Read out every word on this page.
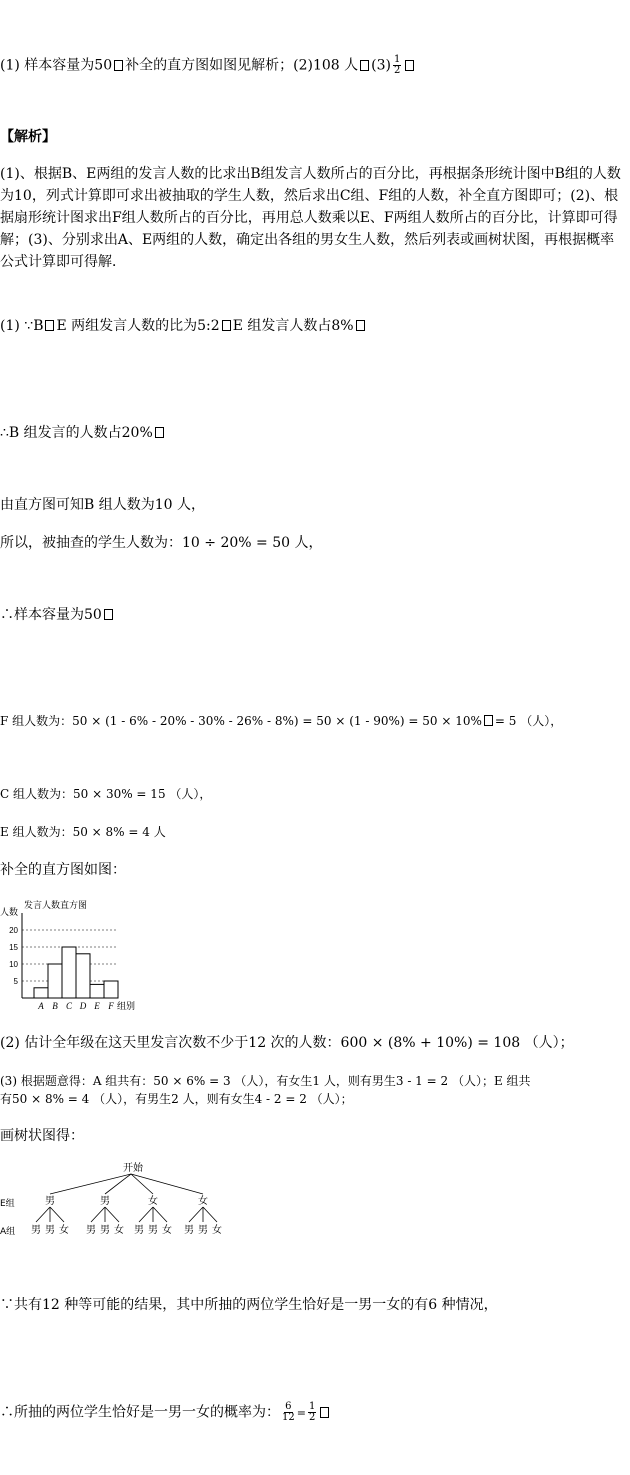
(1) 样本容量为50 补全的直方图如图见解析；(2)108 人 $(3) \frac{1}{2}$
【解析】
(1)、根据B、E两组的发言人数的比求出B组发言人数所占的百分比，再根据条形统计图中B组的人数为10，列式计算即可求出被抽取的学生人数，然后求出C组、F组的人数，补全直方图即可；(2)、根据扇形统计图求出F组人数所占的百分比，再用总人数乘以E、F两组人数所占的百分比，计算即可得解；(3)、分别求出A、E两组的人数，确定出各组的男女生人数，然后列表或画树状图，再根据概率公式计算即可得解．
(1) ∵B E 两组发言人数的比为5:2 E 组发言人数占8%
∴B 组发言的人数占20%
由直方图可知B 组人数为10 人，
所以，被抽查的学生人数为：10 ÷ 20% = 50 人，
∴样本容量为50
F 组人数为：50 × (1 - 6% - 20% - 30% - 26% - 8%) = 50 × (1 - 90%) = 50 × 10% = 5 （人），
C 组人数为：50 × 30% = 15 （人），
E 组人数为：50 × 8% = 4 人
补全的直方图如图：
发言人数直方图
人数
组别
5
10
15
20
A B C D E F
(2) 估计全年级在这天里发言次数不少于12 次的人数：600 × (8% + 10%) = 108 （人）；
(3) 根据题意得：A 组共有：50 × 6% = 3 （人），有女生1 人，则有男生3 - 1 = 2 （人）；E 组共
有50 × 8% = 4 （人），有男生2 人，则有女生4 - 2 = 2 （人）；
画树状图得：
开始
E组
A组
男
男 男 女
男
男 男 女
女
男 男 女
女
男 男 女
∵共有12 种等可能的结果，其中所抽的两位学生恰好是一男一女的有6 种情况，
∴所抽的两位学生恰好是一男一女的概率为： $\frac{6}{12} = \frac{1}{2}$
